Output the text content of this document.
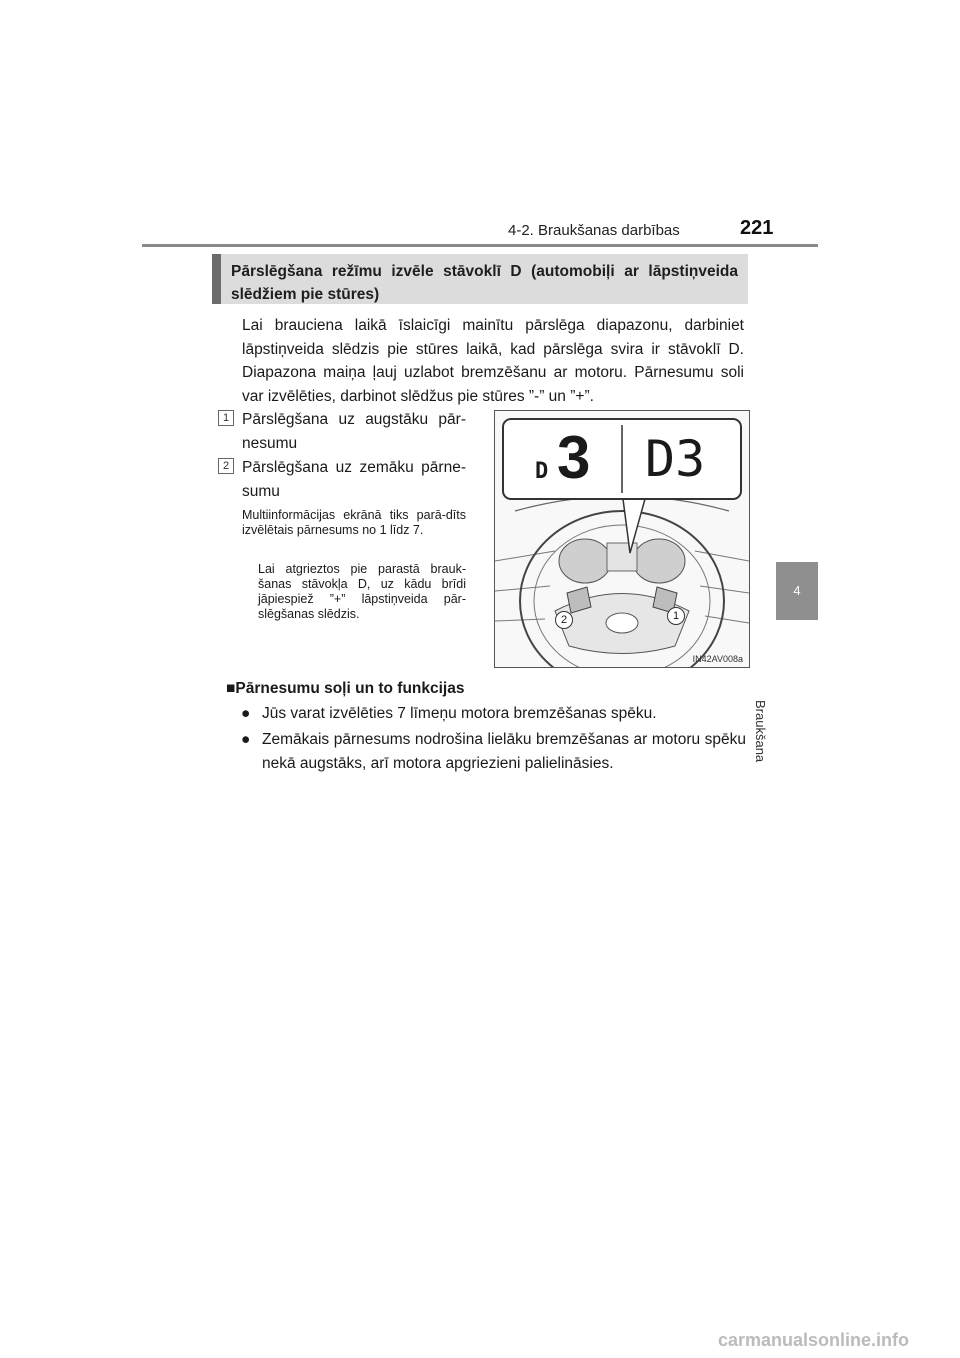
4-2. Braukšanas darbības	221
4
Braukšana
Pārslēgšana režīmu izvēle stāvoklī D (automobiļi ar lāpstiņveida slēdžiem pie stūres)
Lai brauciena laikā īslaicīgi mainītu pārslēga diapazonu, darbiniet lāpstiņveida slēdzis pie stūres laikā, kad pārslēga svira ir stāvoklī D. Diapazona maiņa ļauj uzlabot bremzēšanu ar motoru. Pārnesumu soli var izvēlēties, darbinot slēdžus pie stūres ”-” un ”+”.
1 Pārslēgšana uz augstāku pār-nesumu
2 Pārslēgšana uz zemāku pārne-sumu
Multiinformācijas ekrānā tiks parā-dīts izvēlētais pārnesums no 1 līdz 7.
Lai atgrieztos pie parastā brauk-šanas stāvokļa D, uz kādu brīdi jāpiespiež ”+” lāpstiņveida pār-slēgšanas slēdzis.
D 3 D3
2	1
IN42AV008a
■Pārnesumu soļi un to funkcijas
● Jūs varat izvēlēties 7 līmeņu motora bremzēšanas spēku.
● Zemākais pārnesums nodrošina lielāku bremzēšanas ar motoru spēku nekā augstāks, arī motora apgriezieni palielināsies.
carmanualsonline.info
